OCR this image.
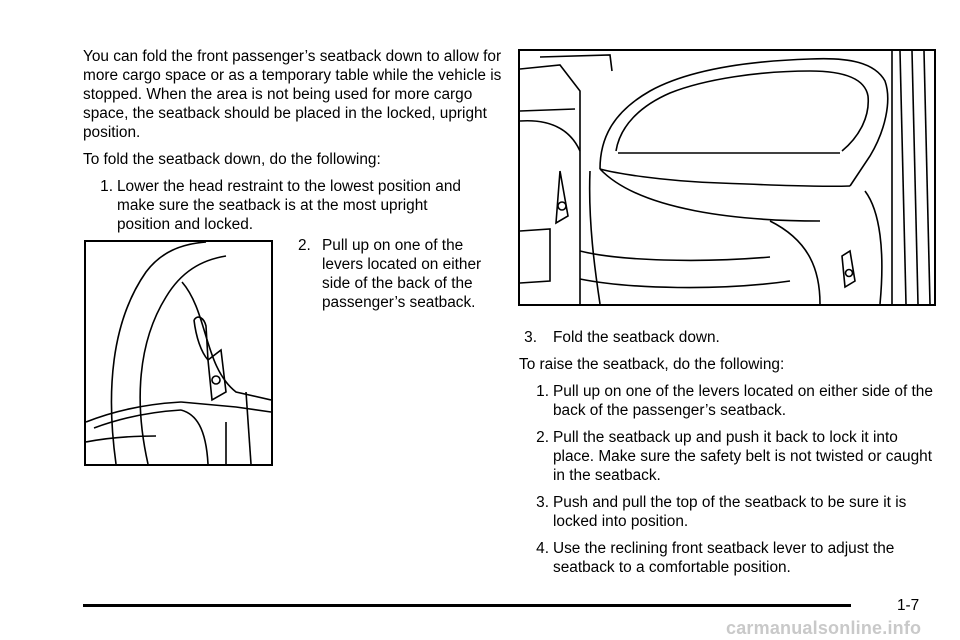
You can fold the front passenger’s seatback down to allow for more cargo space or as a temporary table while the vehicle is stopped. When the area is not being used for more cargo space, the seatback should be placed in the locked, upright position.

To fold the seatback down, do the following:

1. Lower the head restraint to the lowest position and make sure the seatback is at the most upright position and locked.
2. Pull up on one of the levers located on either side of the back of the passenger’s seatback.
3. Fold the seatback down.

To raise the seatback, do the following:

1. Pull up on one of the levers located on either side of the back of the passenger’s seatback.
2. Pull the seatback up and push it back to lock it into place. Make sure the safety belt is not twisted or caught in the seatback.
3. Push and pull the top of the seatback to be sure it is locked into position.
4. Use the reclining front seatback lever to adjust the seatback to a comfortable position.
1-7
carmanualsonline.info
